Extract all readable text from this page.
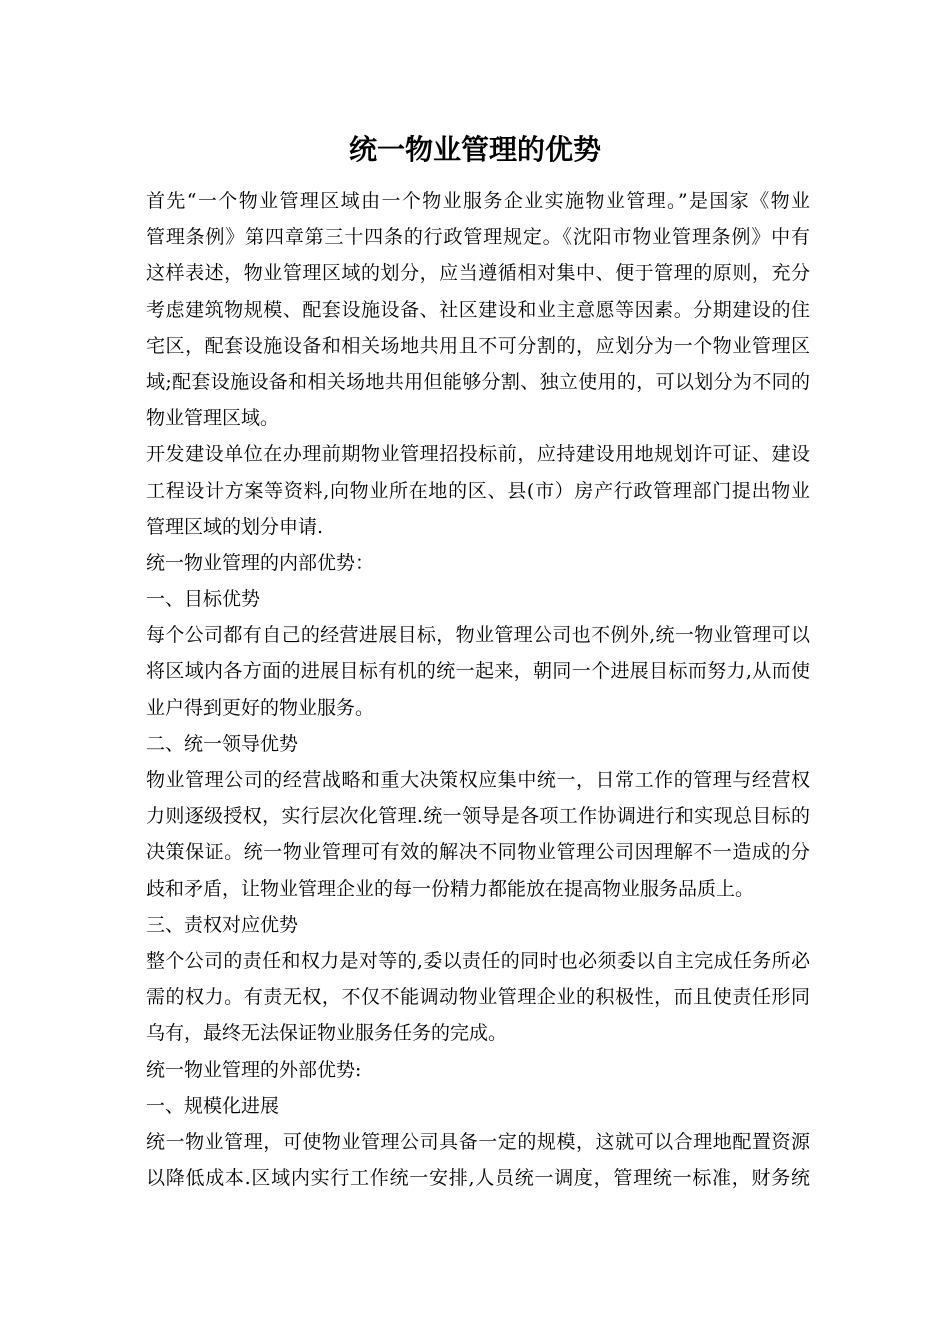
统一物业管理的优势
首先“一个物业管理区域由一个物业服务企业实施物业管理。”是国家《物业
管理条例》第四章第三十四条的行政管理规定。《沈阳市物业管理条例》中有
这样表述，物业管理区域的划分，应当遵循相对集中、便于管理的原则，充分
考虑建筑物规模、配套设施设备、社区建设和业主意愿等因素。分期建设的住
宅区，配套设施设备和相关场地共用且不可分割的，应划分为一个物业管理区
域;配套设施设备和相关场地共用但能够分割、独立使用的，可以划分为不同的
物业管理区域。
开发建设单位在办理前期物业管理招投标前，应持建设用地规划许可证、建设
工程设计方案等资料,向物业所在地的区、县(市）房产行政管理部门提出物业
管理区域的划分申请.
统一物业管理的内部优势：
一、目标优势
每个公司都有自己的经营进展目标，物业管理公司也不例外,统一物业管理可以
将区域内各方面的进展目标有机的统一起来，朝同一个进展目标而努力,从而使
业户得到更好的物业服务。
二、统一领导优势
物业管理公司的经营战略和重大决策权应集中统一，日常工作的管理与经营权
力则逐级授权，实行层次化管理.统一领导是各项工作协调进行和实现总目标的
决策保证。统一物业管理可有效的解决不同物业管理公司因理解不一造成的分
歧和矛盾，让物业管理企业的每一份精力都能放在提高物业服务品质上。
三、责权对应优势
整个公司的责任和权力是对等的,委以责任的同时也必须委以自主完成任务所必
需的权力。有责无权，不仅不能调动物业管理企业的积极性，而且使责任形同
乌有，最终无法保证物业服务任务的完成。
统一物业管理的外部优势:
一、规模化进展
统一物业管理，可使物业管理公司具备一定的规模，这就可以合理地配置资源
以降低成本.区域内实行工作统一安排,人员统一调度，管理统一标准，财务统
